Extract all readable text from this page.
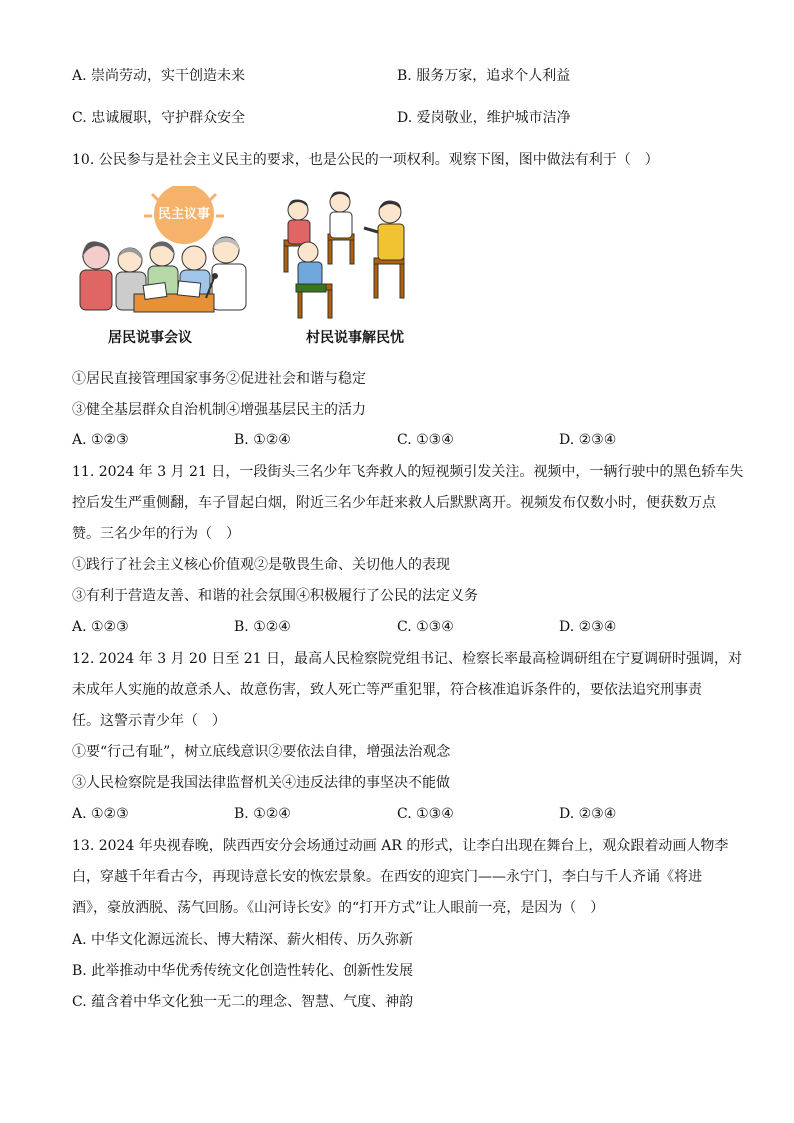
A. 崇尚劳动，实干创造未来	B. 服务万家，追求个人利益
C. 忠诚履职，守护群众安全	D. 爱岗敬业，维护城市洁净
10. 公民参与是社会主义民主的要求，也是公民的一项权利。观察下图，图中做法有利于（　）
民主议事
居民说事会议	村民说事解民忧
①居民直接管理国家事务②促进社会和谐与稳定
③健全基层群众自治机制④增强基层民主的活力
A. ①②③	B. ①②④	C. ①③④	D. ②③④
11. 2024 年 3 月 21 日，一段街头三名少年飞奔救人的短视频引发关注。视频中，一辆行驶中的黑色轿车失
控后发生严重侧翻，车子冒起白烟，附近三名少年赶来救人后默默离开。视频发布仅数小时，便获数万点
赞。三名少年的行为（　）
①践行了社会主义核心价值观②是敬畏生命、关切他人的表现
③有利于营造友善、和谐的社会氛围④积极履行了公民的法定义务
A. ①②③	B. ①②④	C. ①③④	D. ②③④
12. 2024 年 3 月 20 日至 21 日，最高人民检察院党组书记、检察长率最高检调研组在宁夏调研时强调，对
未成年人实施的故意杀人、故意伤害，致人死亡等严重犯罪，符合核准追诉条件的，要依法追究刑事责
任。这警示青少年（　）
①要“行己有耻”，树立底线意识②要依法自律，增强法治观念
③人民检察院是我国法律监督机关④违反法律的事坚决不能做
A. ①②③	B. ①②④	C. ①③④	D. ②③④
13. 2024 年央视春晚，陕西西安分会场通过动画 AR 的形式，让李白出现在舞台上，观众跟着动画人物李
白，穿越千年看古今，再现诗意长安的恢宏景象。在西安的迎宾门——永宁门，李白与千人齐诵《将进
酒》，豪放洒脱、荡气回肠。《山河诗长安》的“打开方式”让人眼前一亮，是因为（　）
A. 中华文化源远流长、博大精深、薪火相传、历久弥新
B. 此举推动中华优秀传统文化创造性转化、创新性发展
C. 蕴含着中华文化独一无二的理念、智慧、气度、神韵
